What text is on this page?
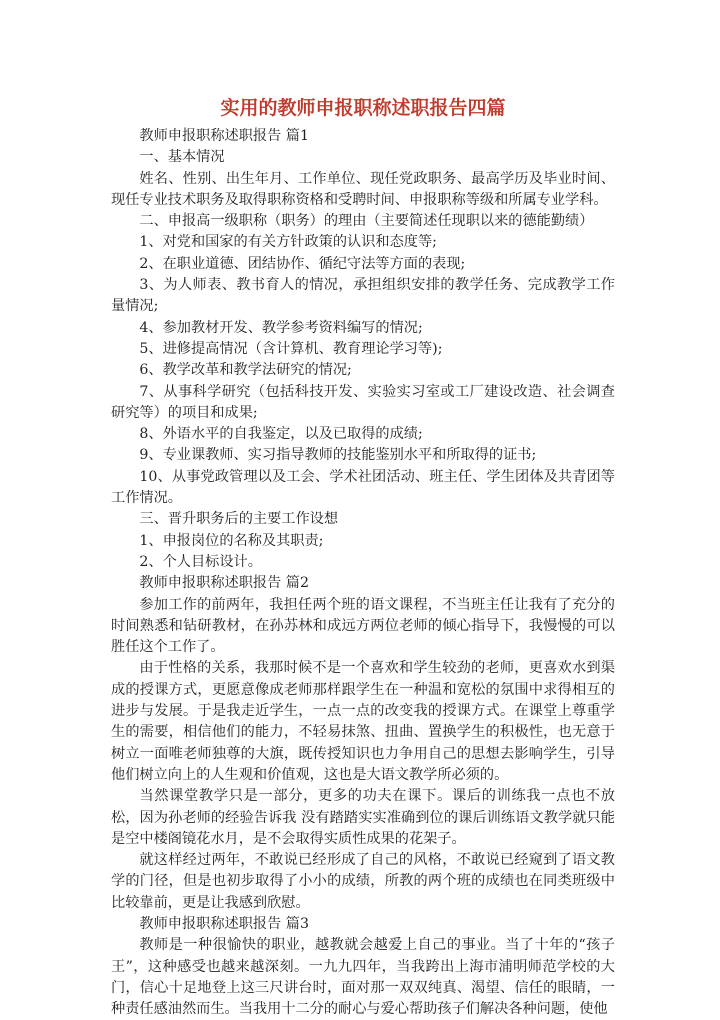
实用的教师申报职称述职报告四篇

教师申报职称述职报告 篇1

一、基本情况

姓名、性别、出生年月、工作单位、现任党政职务、最高学历及毕业时间、现任专业技术职务及取得职称资格和受聘时间、申报职称等级和所属专业学科。

二、申报高一级职称（职务）的理由（主要简述任现职以来的德能勤绩）

1、对党和国家的有关方针政策的认识和态度等;

2、在职业道德、团结协作、循纪守法等方面的表现;

3、为人师表、教书育人的情况，承担组织安排的教学任务、完成教学工作量情况;

4、参加教材开发、教学参考资料编写的情况;

5、进修提高情况（含计算机、教育理论学习等);

6、教学改革和教学法研究的情况;

7、从事科学研究（包括科技开发、实验实习室或工厂建设改造、社会调查研究等）的项目和成果;

8、外语水平的自我鉴定，以及已取得的成绩;

9、专业课教师、实习指导教师的技能鉴别水平和所取得的证书;

10、从事党政管理以及工会、学术社团活动、班主任、学生团体及共青团等工作情况。

三、晋升职务后的主要工作设想

1、申报岗位的名称及其职责;

2、个人目标设计。

教师申报职称述职报告 篇2

参加工作的前两年，我担任两个班的语文课程，不当班主任让我有了充分的时间熟悉和钻研教材，在孙苏林和成远方两位老师的倾心指导下，我慢慢的可以胜任这个工作了。

由于性格的关系，我那时候不是一个喜欢和学生较劲的老师，更喜欢水到渠成的授课方式，更愿意像成老师那样跟学生在一种温和宽松的氛围中求得相互的进步与发展。于是我走近学生，一点一点的改变我的授课方式。在课堂上尊重学生的需要，相信他们的能力，不轻易抹煞、扭曲、置换学生的积极性，也无意于树立一面唯老师独尊的大旗，既传授知识也力争用自己的思想去影响学生，引导他们树立向上的人生观和价值观，这也是大语文教学所必须的。

当然课堂教学只是一部分，更多的功夫在课下。课后的训练我一点也不放松，因为孙老师的经验告诉我 没有踏踏实实准确到位的课后训练语文教学就只能是空中楼阁镜花水月，是不会取得实质性成果的花架子。

就这样经过两年，不敢说已经形成了自己的风格，不敢说已经窥到了语文教学的门径，但是也初步取得了小小的成绩，所教的两个班的成绩也在同类班级中比较靠前，更是让我感到欣慰。

教师申报职称述职报告 篇3

教师是一种很愉快的职业，越教就会越爱上自己的事业。当了十年的“孩子王”，这种感受也越来越深刻。一九九四年，当我跨出上海市浦明师范学校的大门，信心十足地登上这三尺讲台时，面对那一双双纯真、渴望、信任的眼睛，一种责任感油然而生。当我用十二分的耐心与爱心帮助孩子们解决各种问题，使他
